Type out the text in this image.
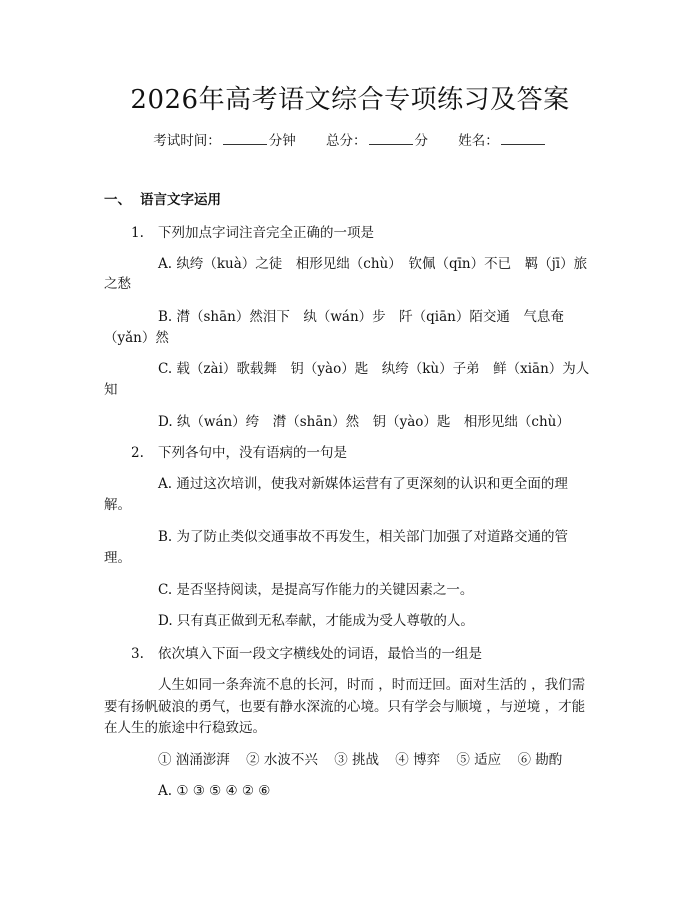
2026年高考语文综合专项练习及答案
考试时间：	分钟 总分：	分 姓名：
一、 语言文字运用
1. 下列加点字词注音完全正确的一项是
A. 纨绔（kuà）之徒　相形见绌（chù）　钦佩（qīn）不已　羁（jī）旅
之愁
B. 潸（shān）然泪下　纨（wán）步　阡（qiān）陌交通　气息奄
（yǎn）然
C. 载（zài）歌载舞　钥（yào）匙　纨绔（kù）子弟　鲜（xiān）为人
知
D. 纨（wán）绔　潸（shān）然　钥（yào）匙　相形见绌（chù）
2. 下列各句中，没有语病的一句是
A. 通过这次培训，使我对新媒体运营有了更深刻的认识和更全面的理
解。
B. 为了防止类似交通事故不再发生，相关部门加强了对道路交通的管
理。
C. 是否坚持阅读，是提高写作能力的关键因素之一。
D. 只有真正做到无私奉献，才能成为受人尊敬的人。
3. 依次填入下面一段文字横线处的词语，最恰当的一组是
人生如同一条奔流不息的长河，时而 ，时而迂回。面对生活的 ，我们需
要有扬帆破浪的勇气，也要有静水深流的心境。只有学会与顺境 ，与逆境 ，才能
在人生的旅途中行稳致远。
① 汹涌澎湃 ② 水波不兴 ③ 挑战 ④ 博弈 ⑤ 适应 ⑥ 勘酌
A. ① ③ ⑤ ④ ② ⑥
